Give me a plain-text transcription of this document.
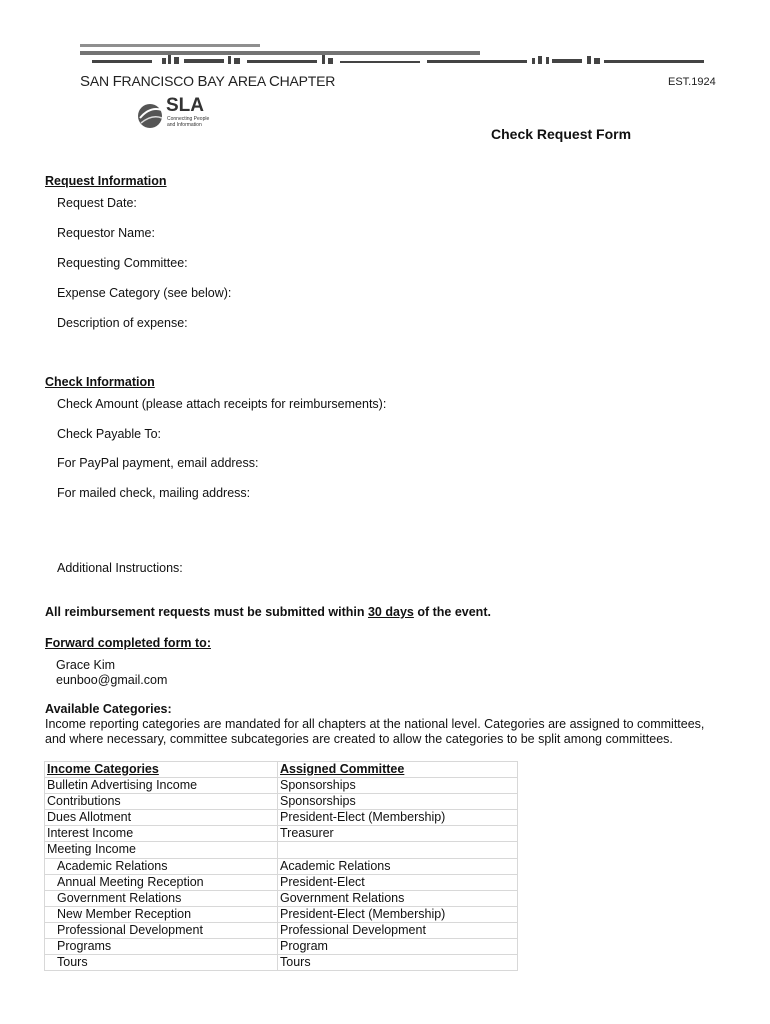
SAN FRANCISCO BAY AREA CHAPTER	EST.1924
SLA
Connecting People
and Information
Check Request Form
Request Information
Request Date:
Requestor Name:
Requesting Committee:
Expense Category (see below):
Description of expense:
Check Information
Check Amount (please attach receipts for reimbursements):
Check Payable To:
For PayPal payment, email address:
For mailed check, mailing address:
Additional Instructions:
All reimbursement requests must be submitted within 30 days of the event.
Forward completed form to:
Grace Kim
eunboo@gmail.com
Available Categories:
Income reporting categories are mandated for all chapters at the national level. Categories are assigned to committees,
and where necessary, committee subcategories are created to allow the categories to be split among committees.
Income Categories	Assigned Committee
Bulletin Advertising Income	Sponsorships
Contributions	Sponsorships
Dues Allotment	President-Elect (Membership)
Interest Income	Treasurer
Meeting Income	
Academic Relations	Academic Relations
Annual Meeting Reception	President-Elect
Government Relations	Government Relations
New Member Reception	President-Elect (Membership)
Professional Development	Professional Development
Programs	Program
Tours	Tours
